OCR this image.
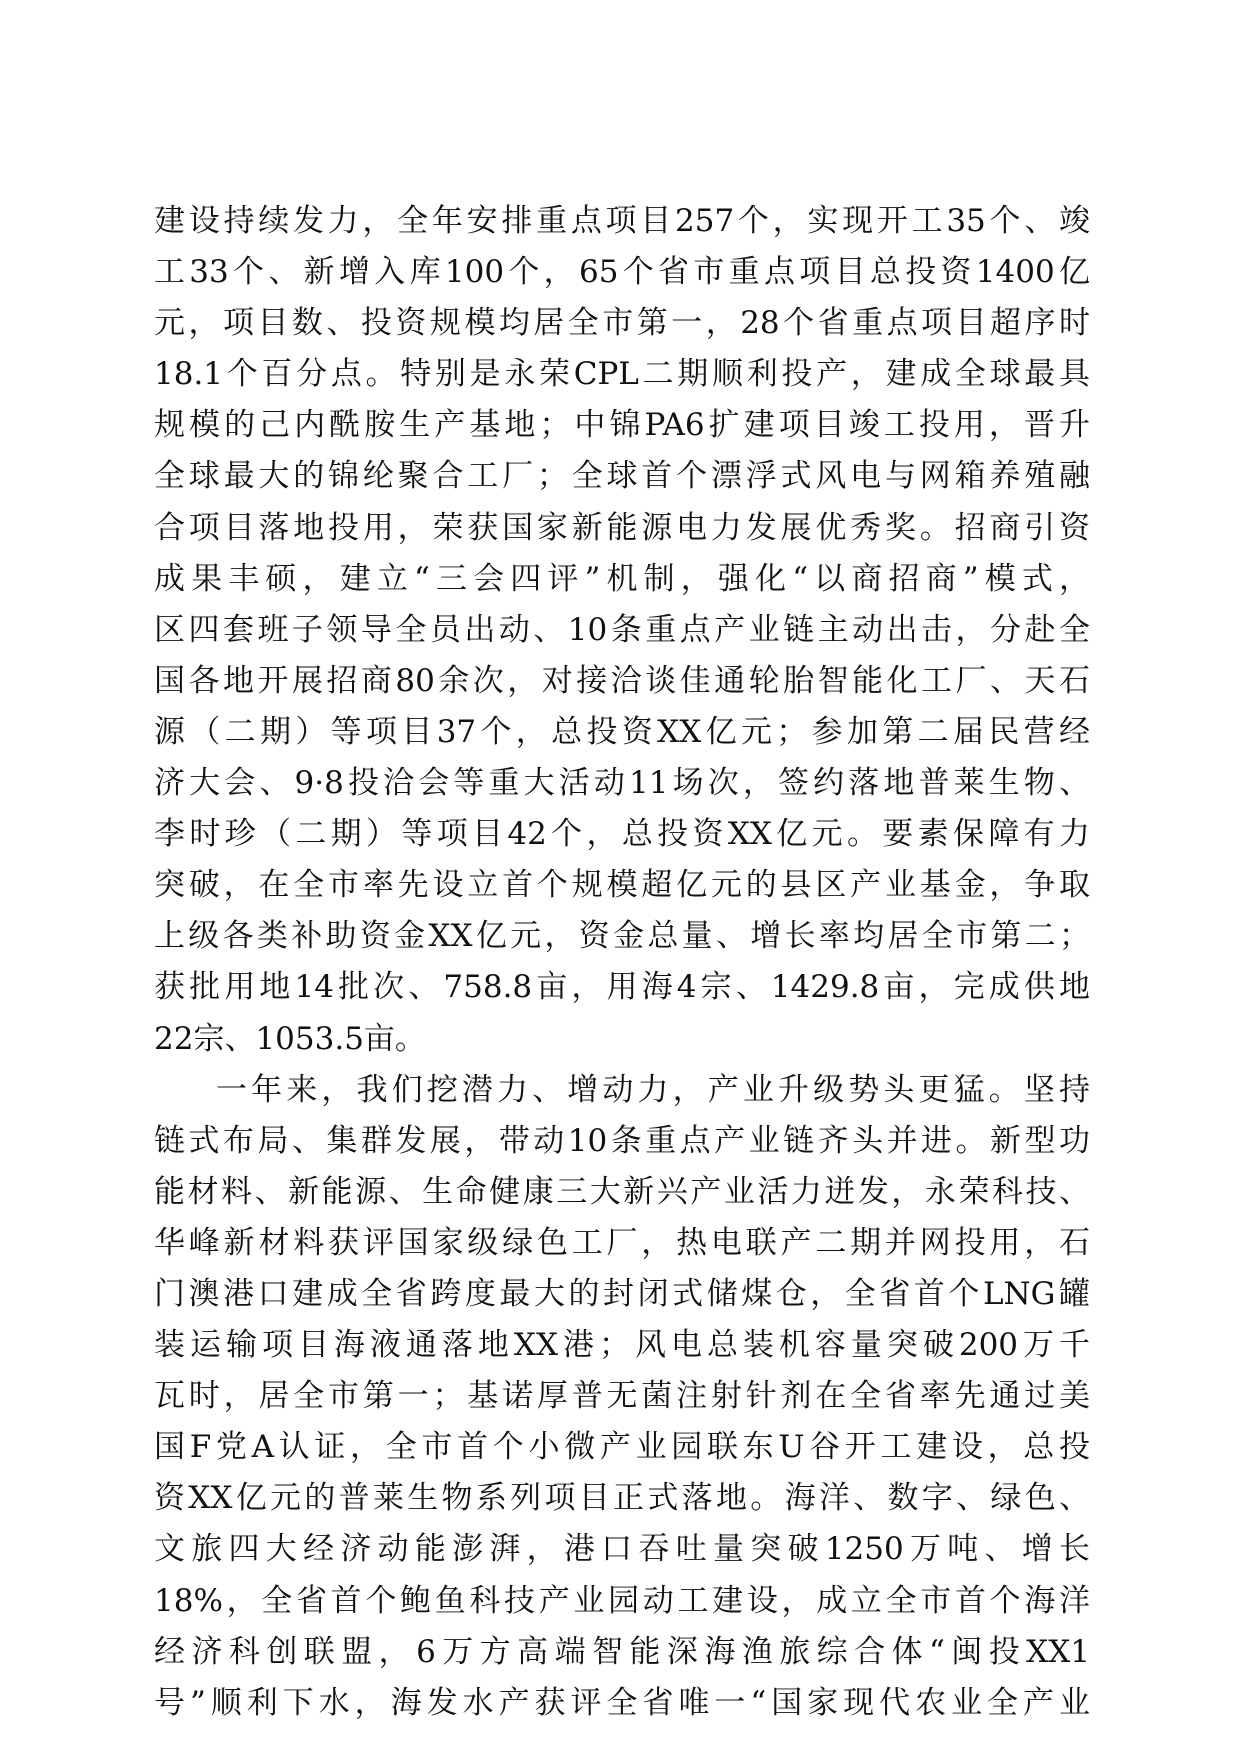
建设持续发力，全年安排重点项目257个，实现开工35个、竣
工33个、新增入库100个，65个省市重点项目总投资1400亿
元，项目数、投资规模均居全市第一，28个省重点项目超序时
18.1个百分点。特别是永荣CPL二期顺利投产，建成全球最具
规模的己内酰胺生产基地；中锦PA6扩建项目竣工投用，晋升
全球最大的锦纶聚合工厂；全球首个漂浮式风电与网箱养殖融
合项目落地投用，荣获国家新能源电力发展优秀奖。招商引资
成果丰硕，建立“三会四评”机制，强化“以商招商”模式，
区四套班子领导全员出动、10条重点产业链主动出击，分赴全
国各地开展招商80余次，对接洽谈佳通轮胎智能化工厂、天石
源（二期）等项目37个，总投资XX亿元；参加第二届民营经
济大会、9·8投洽会等重大活动11场次，签约落地普莱生物、
李时珍（二期）等项目42个，总投资XX亿元。要素保障有力
突破，在全市率先设立首个规模超亿元的县区产业基金，争取
上级各类补助资金XX亿元，资金总量、增长率均居全市第二；
获批用地14批次、758.8亩，用海4宗、1429.8亩，完成供地
22宗、1053.5亩。
一年来，我们挖潜力、增动力，产业升级势头更猛。坚持
链式布局、集群发展，带动10条重点产业链齐头并进。新型功
能材料、新能源、生命健康三大新兴产业活力迸发，永荣科技、
华峰新材料获评国家级绿色工厂，热电联产二期并网投用，石
门澳港口建成全省跨度最大的封闭式储煤仓，全省首个LNG罐
装运输项目海液通落地XX港；风电总装机容量突破200万千
瓦时，居全市第一；基诺厚普无菌注射针剂在全省率先通过美
国F党A认证，全市首个小微产业园联东U谷开工建设，总投
资XX亿元的普莱生物系列项目正式落地。海洋、数字、绿色、
文旅四大经济动能澎湃，港口吞吐量突破1250万吨、增长
18%，全省首个鲍鱼科技产业园动工建设，成立全市首个海洋
经济科创联盟，6万方高端智能深海渔旅综合体“闽投XX1
号”顺利下水，海发水产获评全省唯一“国家现代农业全产业
